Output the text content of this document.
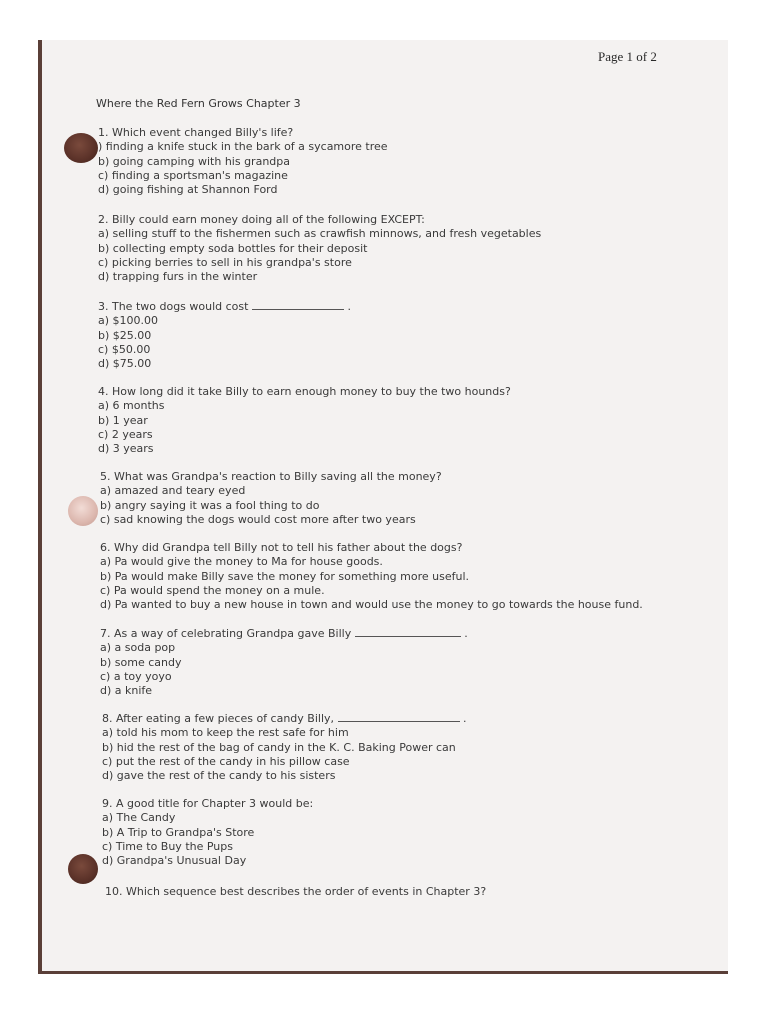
Page 1 of 2
Where the Red Fern Grows Chapter 3
1. Which event changed Billy's life?
) finding a knife stuck in the bark of a sycamore tree
b) going camping with his grandpa
c) finding a sportsman's magazine
d) going fishing at Shannon Ford
2. Billy could earn money doing all of the following EXCEPT:
a) selling stuff to the fishermen such as crawfish minnows, and fresh vegetables
b) collecting empty soda bottles for their deposit
c) picking berries to sell in his grandpa's store
d) trapping furs in the winter
3. The two dogs would cost	.
a) $100.00
b) $25.00
c) $50.00
d) $75.00
4. How long did it take Billy to earn enough money to buy the two hounds?
a) 6 months
b) 1 year
c) 2 years
d) 3 years
5. What was Grandpa's reaction to Billy saving all the money?
a) amazed and teary eyed
b) angry saying it was a fool thing to do
c) sad knowing the dogs would cost more after two years
6. Why did Grandpa tell Billy not to tell his father about the dogs?
a) Pa would give the money to Ma for house goods.
b) Pa would make Billy save the money for something more useful.
c) Pa would spend the money on a mule.
d) Pa wanted to buy a new house in town and would use the money to go towards the house fund.
7. As a way of celebrating Grandpa gave Billy	.
a) a soda pop
b) some candy
c) a toy yoyo
d) a knife
8. After eating a few pieces of candy Billy,	.
a) told his mom to keep the rest safe for him
b) hid the rest of the bag of candy in the K. C. Baking Power can
c) put the rest of the candy in his pillow case
d) gave the rest of the candy to his sisters
9. A good title for Chapter 3 would be:
a) The Candy
b) A Trip to Grandpa's Store
c) Time to Buy the Pups
d) Grandpa's Unusual Day
10. Which sequence best describes the order of events in Chapter 3?
